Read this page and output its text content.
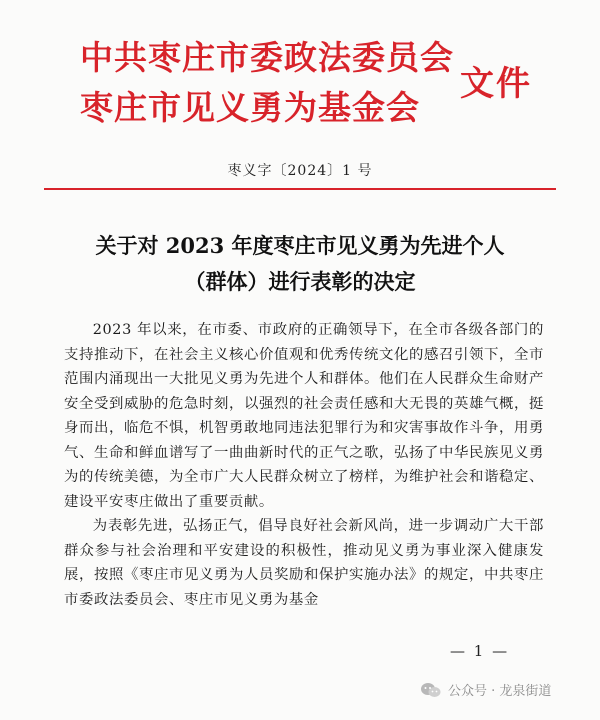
中共枣庄市委政法委员会
枣庄市见义勇为基金会
文件
枣义字〔2024〕1 号
关于对 2023 年度枣庄市见义勇为先进个人
（群体）进行表彰的决定

2023 年以来，在市委、市政府的正确领导下，在全市各级各部门的支持推动下，在社会主义核心价值观和优秀传统文化的感召引领下，全市范围内涌现出一大批见义勇为先进个人和群体。他们在人民群众生命财产安全受到威胁的危急时刻，以强烈的社会责任感和大无畏的英雄气概，挺身而出，临危不惧，机智勇敢地同违法犯罪行为和灾害事故作斗争，用勇气、生命和鲜血谱写了一曲曲新时代的正气之歌，弘扬了中华民族见义勇为的传统美德，为全市广大人民群众树立了榜样，为维护社会和谐稳定、建设平安枣庄做出了重要贡献。

为表彰先进，弘扬正气，倡导良好社会新风尚，进一步调动广大干部群众参与社会治理和平安建设的积极性，推动见义勇为事业深入健康发展，按照《枣庄市见义勇为人员奖励和保护实施办法》的规定，中共枣庄市委政法委员会、枣庄市见义勇为基金

— 1 —
公众号 · 龙泉街道
